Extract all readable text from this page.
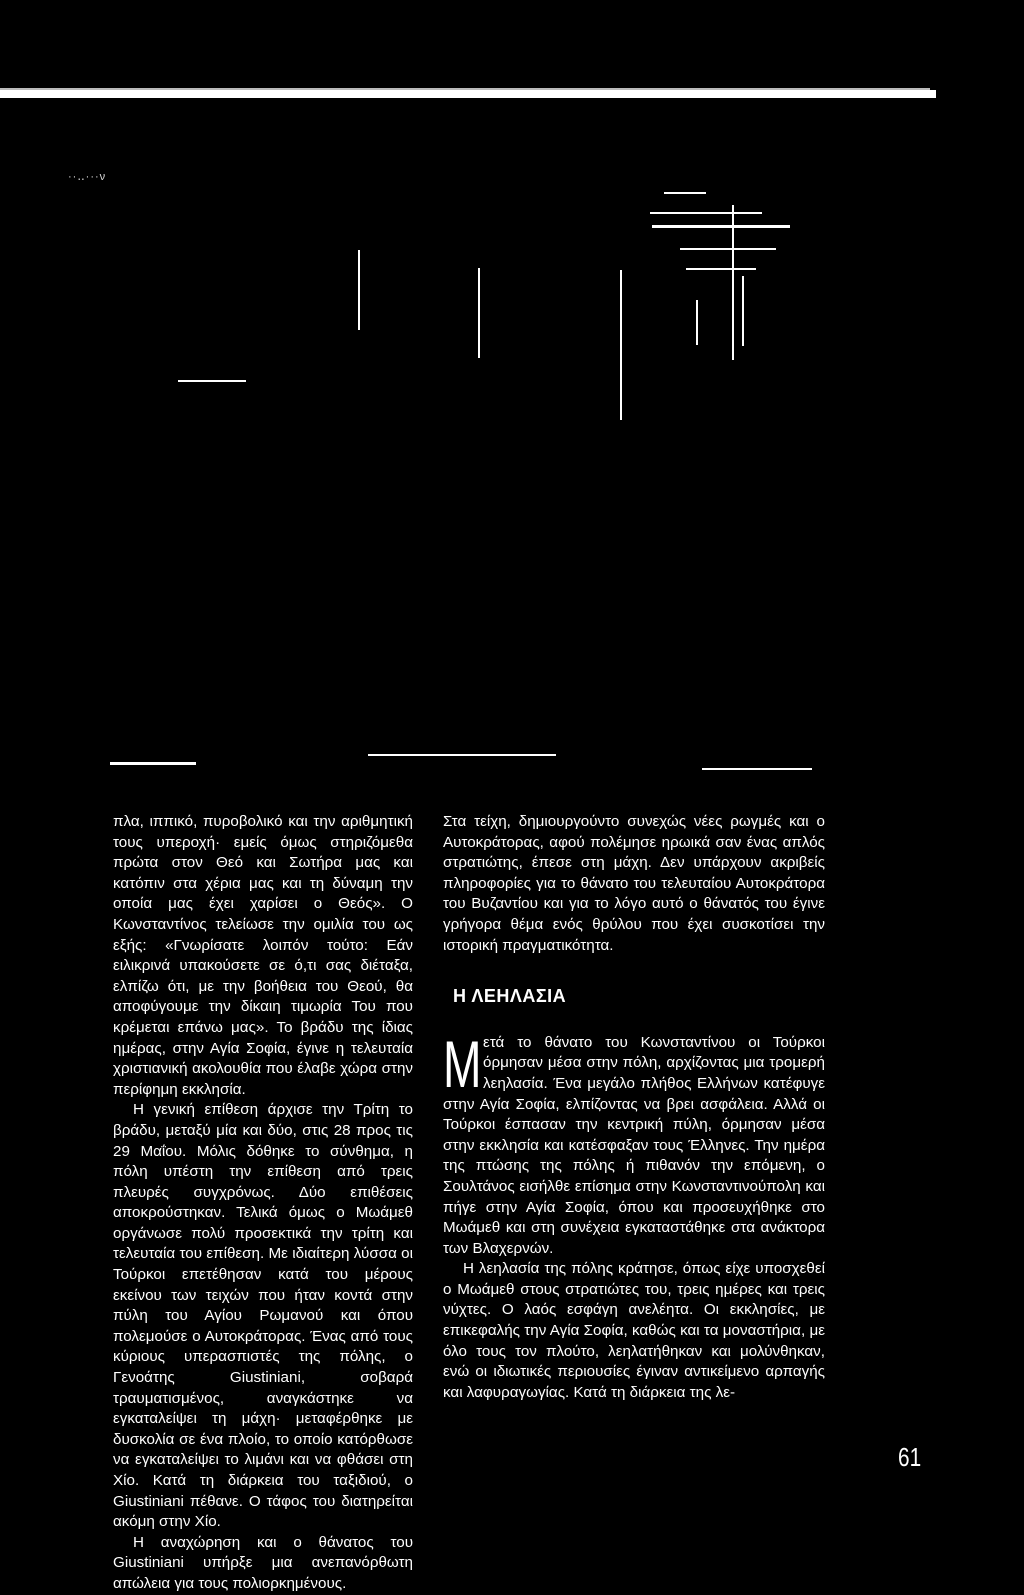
··‥···ν

πλα, ιππικό, πυροβολικό και την αριθμητική τους υπεροχή· εμείς όμως στηριζόμεθα πρώτα στον Θεό και Σωτήρα μας και κατόπιν στα χέρια μας και τη δύναμη την οποία μας έχει χαρίσει ο Θεός». Ο Κωνσταντίνος τελείωσε την ομιλία του ως εξής: «Γνωρίσατε λοιπόν τούτο: Εάν ειλικρινά υπακούσετε σε ό,τι σας διέταξα, ελπίζω ότι, με την βοήθεια του Θεού, θα αποφύγουμε την δίκαιη τιμωρία Του που κρέμεται επάνω μας». Το βράδυ της ίδιας ημέρας, στην Αγία Σοφία, έγινε η τελευταία χριστιανική ακολουθία που έλαβε χώρα στην περίφημη εκκλησία.

Η γενική επίθεση άρχισε την Τρίτη το βράδυ, μεταξύ μία και δύο, στις 28 προς τις 29 Μαΐου. Μόλις δόθηκε το σύνθημα, η πόλη υπέστη την επίθεση από τρεις πλευρές συγχρόνως. Δύο επιθέσεις αποκρούστηκαν. Τελικά όμως ο Μωάμεθ οργάνωσε πολύ προσεκτικά την τρίτη και τελευταία του επίθεση. Με ιδιαίτερη λύσσα οι Τούρκοι επετέθησαν κατά του μέρους εκείνου των τειχών που ήταν κοντά στην πύλη του Αγίου Ρωμανού και όπου πολεμούσε ο Αυτοκράτορας. Ένας από τους κύριους υπερασπιστές της πόλης, ο Γενοάτης Giustiniani, σοβαρά τραυματισμένος, αναγκάστηκε να εγκαταλείψει τη μάχη· μεταφέρθηκε με δυσκολία σε ένα πλοίο, το οποίο κατόρθωσε να εγκαταλείψει το λιμάνι και να φθάσει στη Χίο. Κατά τη διάρκεια του ταξιδιού, ο Giustiniani πέθανε. Ο τάφος του διατηρείται ακόμη στην Χίο.

Η αναχώρηση και ο θάνατος του Giustiniani υπήρξε μια ανεπανόρθωτη απώλεια για τους πολιορκημένους.

Στα τείχη, δημιουργούντο συνεχώς νέες ρωγμές και ο Αυτοκράτορας, αφού πολέμησε ηρωικά σαν ένας απλός στρατιώτης, έπεσε στη μάχη. Δεν υπάρχουν ακριβείς πληροφορίες για το θάνατο του τελευταίου Αυτοκράτορα του Βυζαντίου και για το λόγο αυτό ο θάνατός του έγινε γρήγορα θέμα ενός θρύλου που έχει συσκοτίσει την ιστορική πραγματικότητα.

Η ΛΕΗΛΑΣΙΑ

Μετά το θάνατο του Κωνσταντίνου οι Τούρκοι όρμησαν μέσα στην πόλη, αρχίζοντας μια τρομερή λεηλασία. Ένα μεγάλο πλήθος Ελλήνων κατέφυγε στην Αγία Σοφία, ελπίζοντας να βρει ασφάλεια. Αλλά οι Τούρκοι έσπασαν την κεντρική πύλη, όρμησαν μέσα στην εκκλησία και κατέσφαξαν τους Έλληνες. Την ημέρα της πτώσης της πόλης ή πιθανόν την επόμενη, ο Σουλτάνος εισήλθε επίσημα στην Κωνσταντινούπολη και πήγε στην Αγία Σοφία, όπου και προσευχήθηκε στο Μωάμεθ και στη συνέχεια εγκαταστάθηκε στα ανάκτορα των Βλαχερνών.

Η λεηλασία της πόλης κράτησε, όπως είχε υποσχεθεί ο Μωάμεθ στους στρατιώτες του, τρεις ημέρες και τρεις νύχτες. Ο λαός εσφάγη ανελέητα. Οι εκκλησίες, με επικεφαλής την Αγία Σοφία, καθώς και τα μοναστήρια, με όλο τους τον πλούτο, λεηλατήθηκαν και μολύνθηκαν, ενώ οι ιδιωτικές περιουσίες έγιναν αντικείμενο αρπαγής και λαφυραγωγίας. Κατά τη διάρκεια της λε-

61
